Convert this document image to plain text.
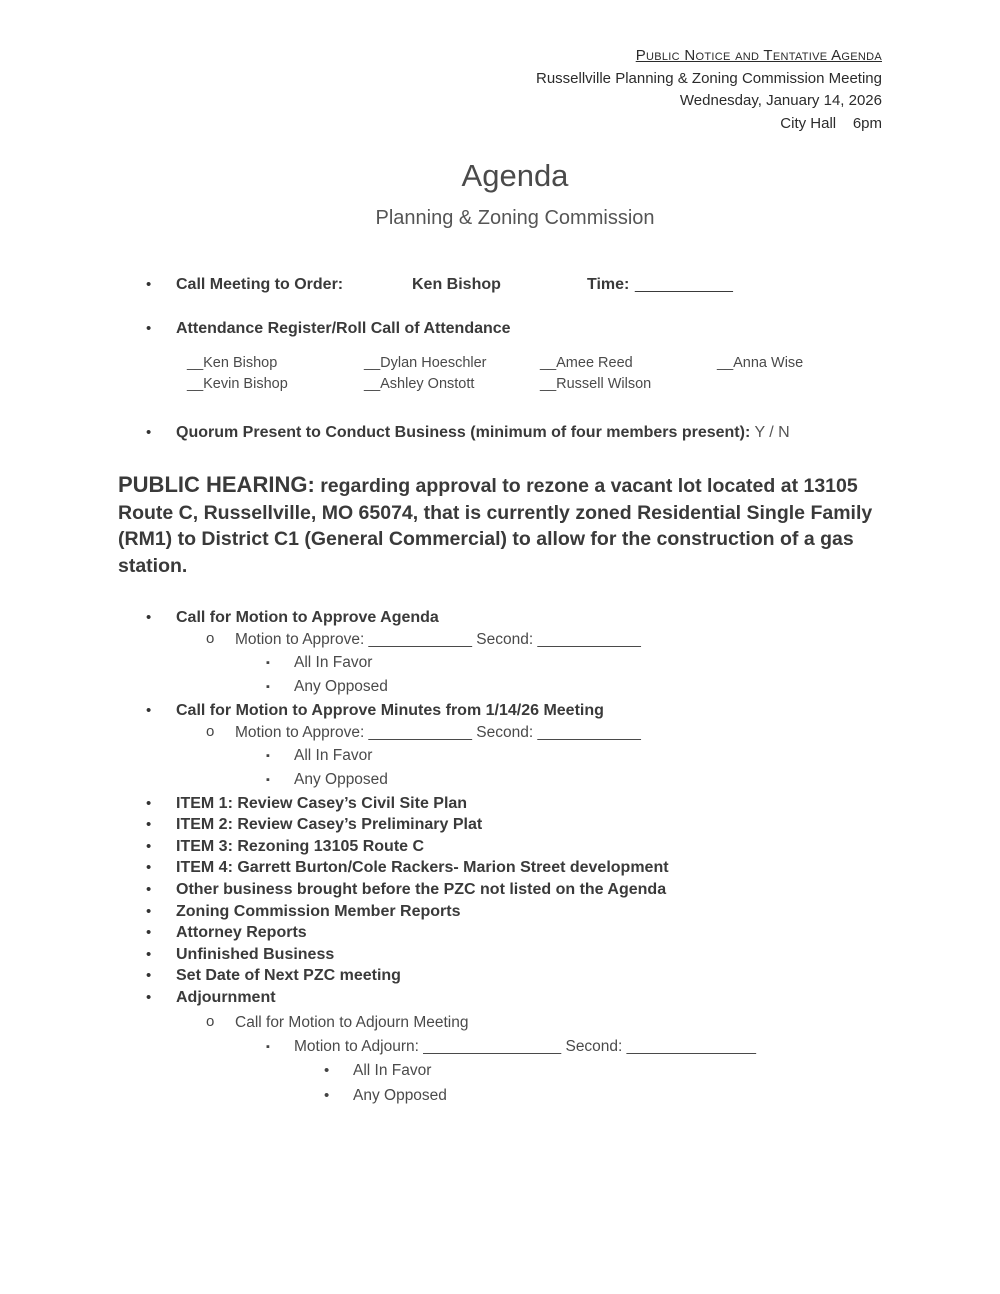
Public Notice and Tentative Agenda
Russellville Planning & Zoning Commission Meeting
Wednesday, January 14, 2026
City Hall 6pm
Agenda
Planning & Zoning Commission
• Call Meeting to Order:	Ken Bishop	Time: ___________
• Attendance Register/Roll Call of Attendance
__Ken Bishop	__Dylan Hoeschler	__Amee Reed	__Anna Wise
__Kevin Bishop	__Ashley Onstott	__Russell Wilson
• Quorum Present to Conduct Business (minimum of four members present): Y / N
PUBLIC HEARING: regarding approval to rezone a vacant lot located at 13105 Route C, Russellville, MO 65074, that is currently zoned Residential Single Family (RM1) to District C1 (General Commercial) to allow for the construction of a gas station.
• Call for Motion to Approve Agenda
o Motion to Approve: ____________ Second: ____________
▪ All In Favor
▪ Any Opposed
• Call for Motion to Approve Minutes from 1/14/26 Meeting
o Motion to Approve: ____________ Second: ____________
▪ All In Favor
▪ Any Opposed
• ITEM 1: Review Casey’s Civil Site Plan
• ITEM 2: Review Casey’s Preliminary Plat
• ITEM 3: Rezoning 13105 Route C
• ITEM 4: Garrett Burton/Cole Rackers- Marion Street development
• Other business brought before the PZC not listed on the Agenda
• Zoning Commission Member Reports
• Attorney Reports
• Unfinished Business
• Set Date of Next PZC meeting
• Adjournment
o Call for Motion to Adjourn Meeting
▪ Motion to Adjourn: ________________ Second: _______________
• All In Favor
• Any Opposed
